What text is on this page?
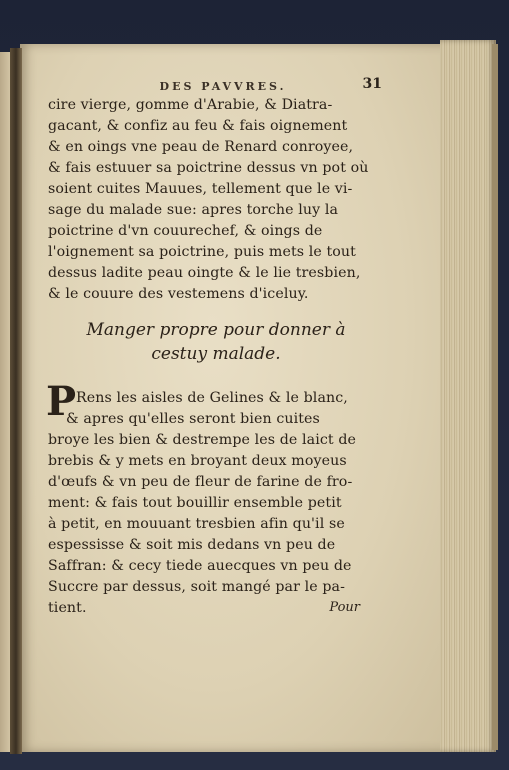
DES PAVVRES.	31
cire vierge, gomme d'Arabie, & Diatra-
gacant, & confiz au feu & fais oignement
& en oings vne peau de Renard conroyee,
& fais estuuer sa poictrine dessus vn pot où
soient cuites Mauues, tellement que le vi-
sage du malade sue: apres torche luy la
poictrine d'vn couurechef, & oings de
l'oignement sa poictrine, puis mets le tout
dessus ladite peau oingte & le lie tresbien,
& le couure des vestemens d'iceluy.
Manger propre pour donner à
cestuy malade.
P Rens les aisles de Gelines & le blanc,
& apres qu'elles seront bien cuites
broye les bien & destrempe les de laict de
brebis & y mets en broyant deux moyeus
d'œufs & vn peu de fleur de farine de fro-
ment: & fais tout bouillir ensemble petit
à petit, en mouuant tresbien afin qu'il se
espessisse & soit mis dedans vn peu de
Saffran: & cecy tiede auecques vn peu de
Succre par dessus, soit mangé par le pa-
tient.	Pour
